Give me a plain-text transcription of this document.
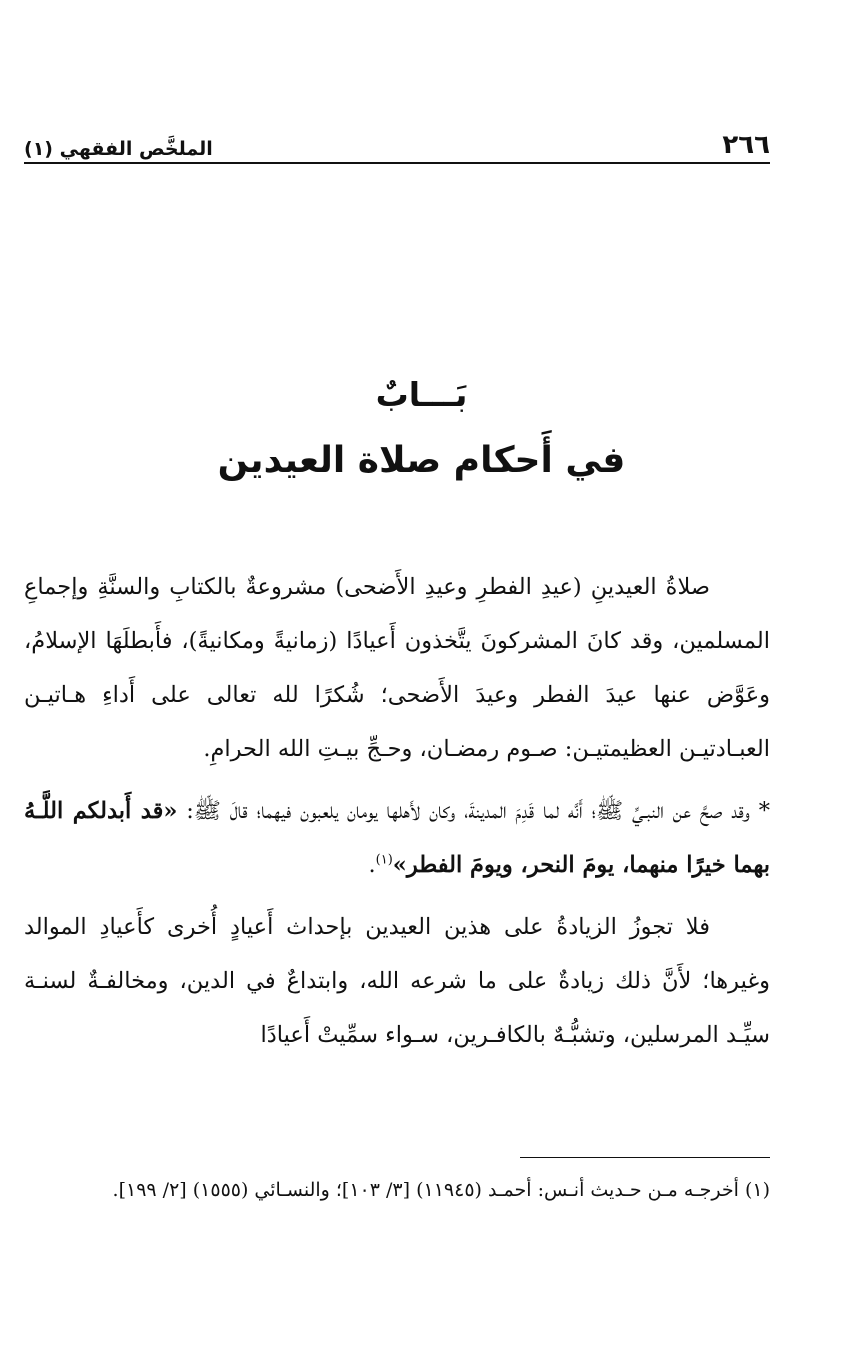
الملخَّص الفقهي (١)	٢٦٦
بَـــابٌ
في أَحكام صلاة العيدين

صلاةُ العيدينِ (عيدِ الفطرِ وعيدِ الأَضحى) مشروعةٌ بالكتابِ والسنَّةِ وإجماعِ المسلمين، وقد كانَ المشركونَ يتَّخذون أَعيادًا (زمانيةً ومكانيةً)، فأَبطلَهَا الإسلامُ، وعَوَّض عنها عيدَ الفطر وعيدَ الأَضحى؛ شُكرًا لله تعالى على أَداءِ هـاتيـن العبـادتيـن العظيمتيـن: صـوم رمضـان، وحـجِّ بيـتِ الله الحرامِ.

* وقد صحَّ عن النبـيِّ ﷺ؛ أَنَّه لما قَدِمَ المدينةَ، وكان لأَهلها يومان يلعبون فيهما؛ قالَ ﷺ: «قد أَبدلكم اللَّـهُ بهما خيرًا منهما، يومَ النحر، ويومَ الفطر»$^{(١)}$.

فلا تجوزُ الزيادةُ على هذين العيدين بإحداث أَعيادٍ أُخرى كأَعيادِ الموالد وغيرها؛ لأَنَّ ذلك زيادةٌ على ما شرعه الله، وابتداعٌ في الدين، ومخالفـةٌ لسنـة سيِّـد المرسلين، وتشبُّـهٌ بالكافـرين، سـواء سمِّيتْ أَعيادًا

(١) أخرجـه مـن حـديث أنـس: أحمـد (١١٩٤٥) [٣/ ١٠٣]؛ والنسـائي (١٥٥٥) [٢/ ١٩٩].
